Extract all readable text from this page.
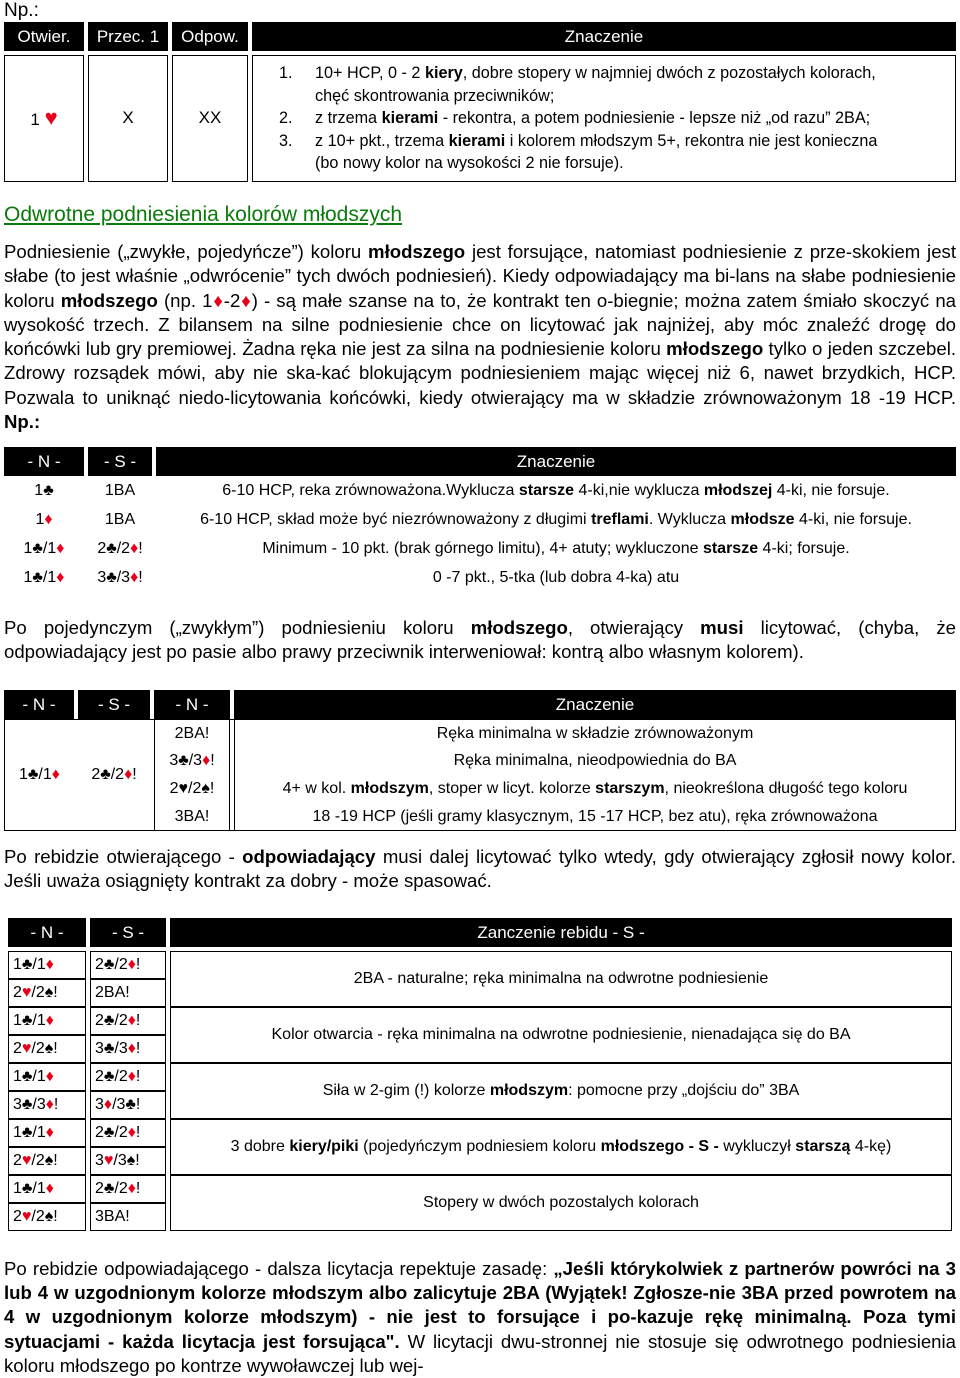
Np.:
Otwier.		Przec. 1		Odpow.		Znaczenie

1 ♥		X		XX		1. 10+ HCP, 0 - 2 kiery, dobre stopery w najmniej dwóch z pozostałych kolorach,
chęć skontrowania przeciwników;
2. z trzema kierami - rekontra, a potem podniesienie - lepsze niż „od razu” 2BA;
3. z 10+ pkt., trzema kierami i kolorem młodszym 5+, rekontra nie jest konieczna
(bo nowy kolor na wysokości 2 nie forsuje).
Odwrotne podniesienia kolorów młodszych
Podniesienie („zwykłe, pojedyńcze”) koloru młodszego jest forsujące, natomiast podniesienie z prze-skokiem jest słabe (to jest właśnie „odwrócenie” tych dwóch podniesień). Kiedy odpowiadający ma bi-lans na słabe podniesienie koloru młodszego (np. 1♦-2♦) - są małe szanse na to, że kontrakt ten o-biegnie; można zatem śmiało skoczyć na wysokość trzech. Z bilansem na silne podniesienie chce on licytować jak najniżej, aby móc znaleźć drogę do końcówki lub gry premiowej. Żadna ręka nie jest za silna na podniesienie koloru młodszego tylko o jeden szczebel. Zdrowy rozsądek mówi, aby nie ska-kać blokującym podniesieniem mając więcej niż 6, nawet brzydkich, HCP. Pozwala to uniknąć niedo-licytowania końcówki, kiedy otwierający ma w składzie zrównoważonym 18 -19 HCP. Np.:
- N -		- S -		Znaczenie
1♣		1BA		6-10 HCP, reka zrównoważona.Wyklucza starsze 4-ki,nie wyklucza młodszej 4-ki, nie forsuje.
1♦		1BA		6-10 HCP, skład może być niezrównoważony z długimi treflami. Wyklucza młodsze 4-ki, nie forsuje.
1♣/1♦		2♣/2♦!		Minimum - 10 pkt. (brak górnego limitu), 4+ atuty; wykluczone starsze 4-ki; forsuje.
1♣/1♦		3♣/3♦!		0 -7 pkt., 5-tka (lub dobra 4-ka) atu
Po pojedynczym („zwykłym”) podniesieniu koloru młodszego, otwierający musi licytować, (chyba, że odpowiadający jest po pasie albo prawy przeciwnik interweniował: kontrą albo własnym kolorem).
- N -		- S -		- N -		Znaczenie
1♣/1♦		2♣/2♦!		2BA!		Ręka minimalna w składzie zrównoważonym
				3♣/3♦!		Ręka minimalna, nieodpowiednia do BA
				2♥/2♠!		4+ w kol. młodszym, stoper w licyt. kolorze starszym, nieokreślona długość tego koloru
				3BA!		18 -19 HCP (jeśli gramy klasycznym, 15 -17 HCP, bez atu), ręka zrównoważona
Po rebidzie otwierającego - odpowiadający musi dalej licytować tylko wtedy, gdy otwierający zgłosił nowy kolor. Jeśli uważa osiągnięty kontrakt za dobry - może spasować.
- N -		- S -		Zanczenie rebidu - S -

1♣/1♦		2♣/2♦!		2BA - naturalne; ręka minimalna na odwrotne podniesienie
2♥/2♠!		2BA!		
1♣/1♦		2♣/2♦!		Kolor otwarcia - ręka minimalna na odwrotne podniesienie, nienadająca się do BA
2♥/2♠!		3♣/3♦!		
1♣/1♦		2♣/2♦!		Siła w 2-gim (!) kolorze młodszym: pomocne przy „dojściu do” 3BA
3♣/3♦!		3♦/3♣!		
1♣/1♦		2♣/2♦!		3 dobre kiery/piki (pojedyńczym podniesiem koloru młodszego - S - wykluczył starszą 4-kę)
2♥/2♠!		3♥/3♠!		
1♣/1♦		2♣/2♦!		Stopery w dwóch pozostalych kolorach
2♥/2♠!		3BA!		
Po rebidzie odpowiadającego - dalsza licytacja repektuje zasadę: „Jeśli którykolwiek z partnerów powróci na 3 lub 4 w uzgodnionym kolorze młodszym albo zalicytuje 2BA (Wyjątek! Zgłosze-nie 3BA przed powrotem na 4 w uzgodnionym kolorze młodszym) - nie jest to forsujące i po-kazuje rękę minimalną. Poza tymi sytuacjami - każda licytacja jest forsująca". W licytacji dwu-stronnej nie stosuje się odwrotnego podniesienia koloru młodszego po kontrze wywoławczej lub wej-
